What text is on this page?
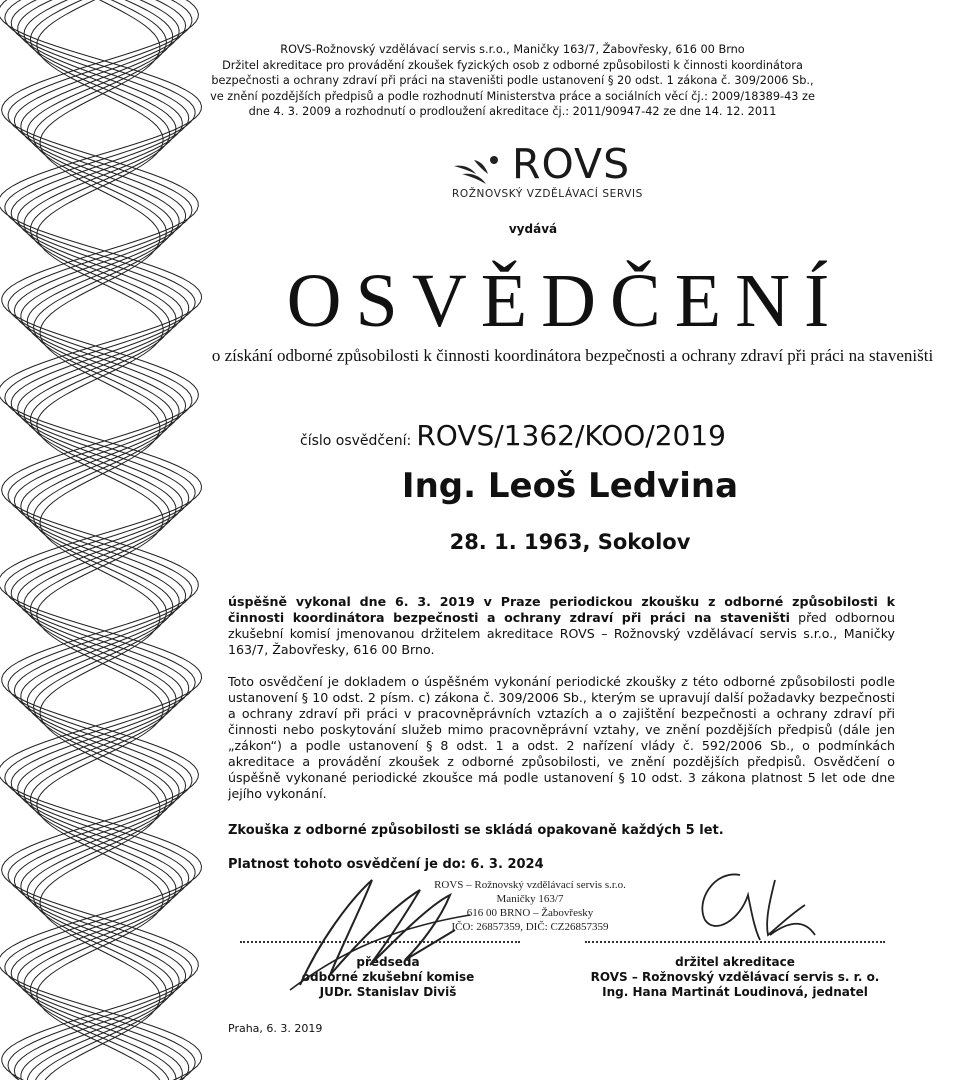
ROVS-Rožnovský vzdělávací servis s.r.o., Maničky 163/7, Žabovřesky, 616 00 Brno
Držitel akreditace pro provádění zkoušek fyzických osob z odborné způsobilosti k činnosti koordinátora bezpečnosti a ochrany zdraví při práci na staveništi podle ustanovení § 20 odst. 1 zákona č. 309/2006 Sb., ve znění pozdějších předpisů a podle rozhodnutí Ministerstva práce a sociálních věcí čj.: 2009/18389-43 ze dne 4. 3. 2009 a rozhodnutí o prodloužení akreditace čj.: 2011/90947-42 ze dne 14. 12. 2011
ROVS
ROŽNOVSKÝ VZDĚLÁVACÍ SERVIS
vydává
OSVĚDČENÍ
o získání odborné způsobilosti k činnosti koordinátora bezpečnosti a ochrany zdraví při práci na staveništi
číslo osvědčení: ROVS/1362/KOO/2019
Ing. Leoš Ledvina
28. 1. 1963, Sokolov
úspěšně vykonal dne 6. 3. 2019 v Praze periodickou zkoušku z odborné způsobilosti k činnosti koordinátora bezpečnosti a ochrany zdraví při práci na staveništi před odbornou zkušební komisí jmenovanou držitelem akreditace ROVS – Rožnovský vzdělávací servis s.r.o., Maničky 163/7, Žabovřesky, 616 00 Brno.
Toto osvědčení je dokladem o úspěšném vykonání periodické zkoušky z této odborné způsobilosti podle ustanovení § 10 odst. 2 písm. c) zákona č. 309/2006 Sb., kterým se upravují další požadavky bezpečnosti a ochrany zdraví při práci v pracovněprávních vztazích a o zajištění bezpečnosti a ochrany zdraví při činnosti nebo poskytování služeb mimo pracovněprávní vztahy, ve znění pozdějších předpisů (dále jen „zákon“) a podle ustanovení § 8 odst. 1 a odst. 2 nařízení vlády č. 592/2006 Sb., o podmínkách akreditace a provádění zkoušek z odborné způsobilosti, ve znění pozdějších předpisů. Osvědčení o úspěšně vykonané periodické zkoušce má podle ustanovení § 10 odst. 3 zákona platnost 5 let ode dne jejího vykonání.
Zkouška z odborné způsobilosti se skládá opakovaně každých 5 let.
Platnost tohoto osvědčení je do: 6. 3. 2024
ROVS – Rožnovský vzdělávací servis s.r.o.
Maničky 163/7
616 00 BRNO – Žabovřesky
IČO: 26857359, DIČ: CZ26857359
předseda
odborné zkušební komise
JUDr. Stanislav Diviš
držitel akreditace
ROVS – Rožnovský vzdělávací servis s. r. o.
Ing. Hana Martinát Loudinová, jednatel
Praha, 6. 3. 2019
